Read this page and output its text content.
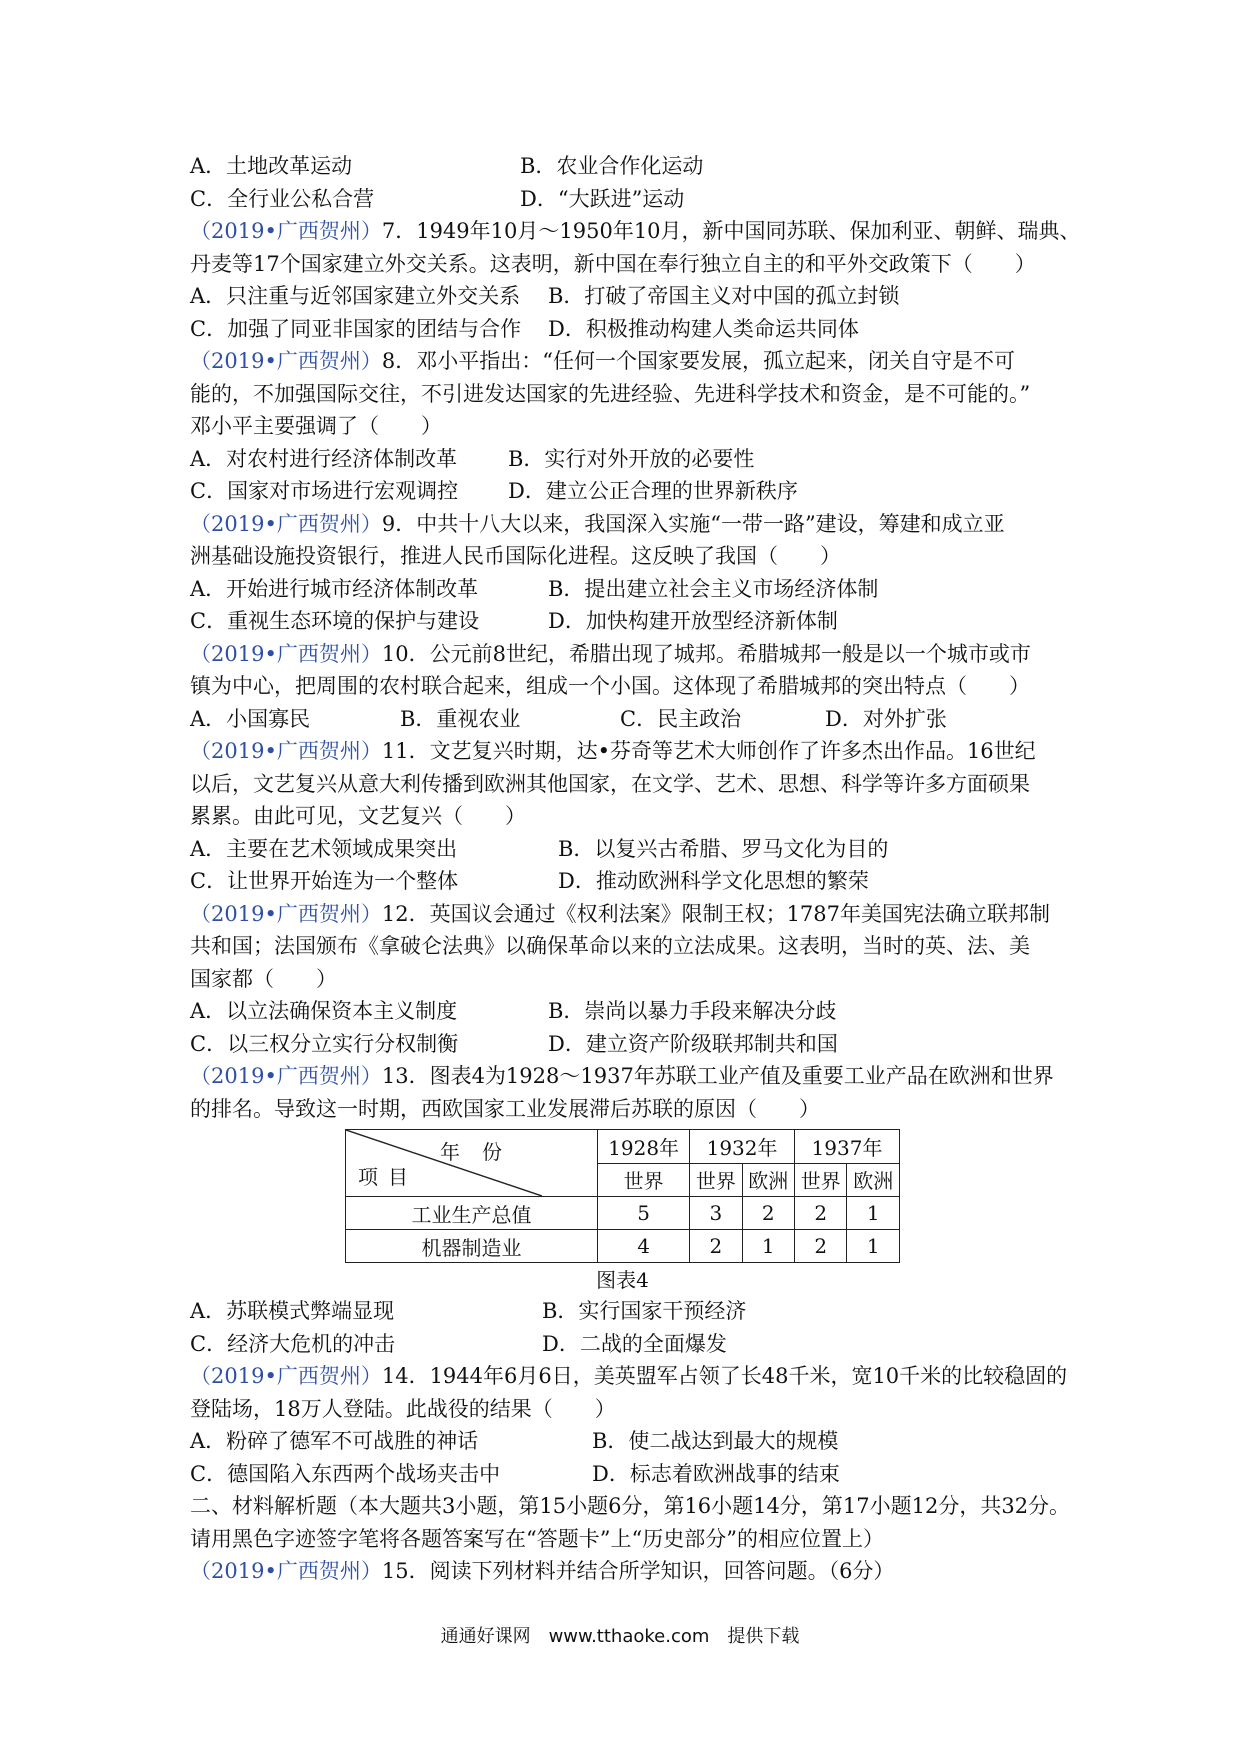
A．土地改革运动	B．农业合作化运动
C．全行业公私合营	D．“大跃进”运动
（2019•广西贺州）7．1949年10月～1950年10月，新中国同苏联、保加利亚、朝鲜、瑞典、
丹麦等17个国家建立外交关系。这表明，新中国在奉行独立自主的和平外交政策下（　　）
A．只注重与近邻国家建立外交关系	B．打破了帝国主义对中国的孤立封锁
C．加强了同亚非国家的团结与合作	D．积极推动构建人类命运共同体
（2019•广西贺州）8．邓小平指出：“任何一个国家要发展，孤立起来，闭关自守是不可
能的，不加强国际交往，不引进发达国家的先进经验、先进科学技术和资金，是不可能的。”
邓小平主要强调了（　　）
A．对农村进行经济体制改革	B．实行对外开放的必要性
C．国家对市场进行宏观调控	D．建立公正合理的世界新秩序
（2019•广西贺州）9．中共十八大以来，我国深入实施“一带一路”建设，筹建和成立亚
洲基础设施投资银行，推进人民币国际化进程。这反映了我国（　　）
A．开始进行城市经济体制改革	B．提出建立社会主义市场经济体制
C．重视生态环境的保护与建设	D．加快构建开放型经济新体制
（2019•广西贺州）10．公元前8世纪，希腊出现了城邦。希腊城邦一般是以一个城市或市
镇为中心，把周围的农村联合起来，组成一个小国。这体现了希腊城邦的突出特点（　　）
A．小国寡民	B．重视农业	C．民主政治	D．对外扩张
（2019•广西贺州）11．文艺复兴时期，达•芬奇等艺术大师创作了许多杰出作品。16世纪
以后，文艺复兴从意大利传播到欧洲其他国家，在文学、艺术、思想、科学等许多方面硕果
累累。由此可见，文艺复兴（　　）
A．主要在艺术领域成果突出	B．以复兴古希腊、罗马文化为目的
C．让世界开始连为一个整体	D．推动欧洲科学文化思想的繁荣
（2019•广西贺州）12．英国议会通过《权利法案》限制王权；1787年美国宪法确立联邦制
共和国；法国颁布《拿破仑法典》以确保革命以来的立法成果。这表明，当时的英、法、美
国家都（　　）
A．以立法确保资本主义制度	B．崇尚以暴力手段来解决分歧
C．以三权分立实行分权制衡	D．建立资产阶级联邦制共和国
（2019•广西贺州）13．图表4为1928～1937年苏联工业产值及重要工业产品在欧洲和世界
的排名。导致这一时期，西欧国家工业发展滞后苏联的原因（　　）
年份
项目	1928年	1932年		1937年	
	世界	世界	欧洲	世界	欧洲
工业生产总值	5	3	2	2	1
机器制造业	4	2	1	2	1
图表4
A．苏联模式弊端显现	B．实行国家干预经济
C．经济大危机的冲击	D．二战的全面爆发
（2019•广西贺州）14．1944年6月6日，美英盟军占领了长48千米，宽10千米的比较稳固的
登陆场，18万人登陆。此战役的结果（　　）
A．粉碎了德军不可战胜的神话	B．使二战达到最大的规模
C．德国陷入东西两个战场夹击中	D．标志着欧洲战事的结束
二、材料解析题（本大题共3小题，第15小题6分，第16小题14分，第17小题12分，共32分。
请用黑色字迹签字笔将各题答案写在“答题卡”上“历史部分”的相应位置上）
（2019•广西贺州）15．阅读下列材料并结合所学知识，回答问题。（6分）
通通好课网　www.tthaoke.com　提供下载
